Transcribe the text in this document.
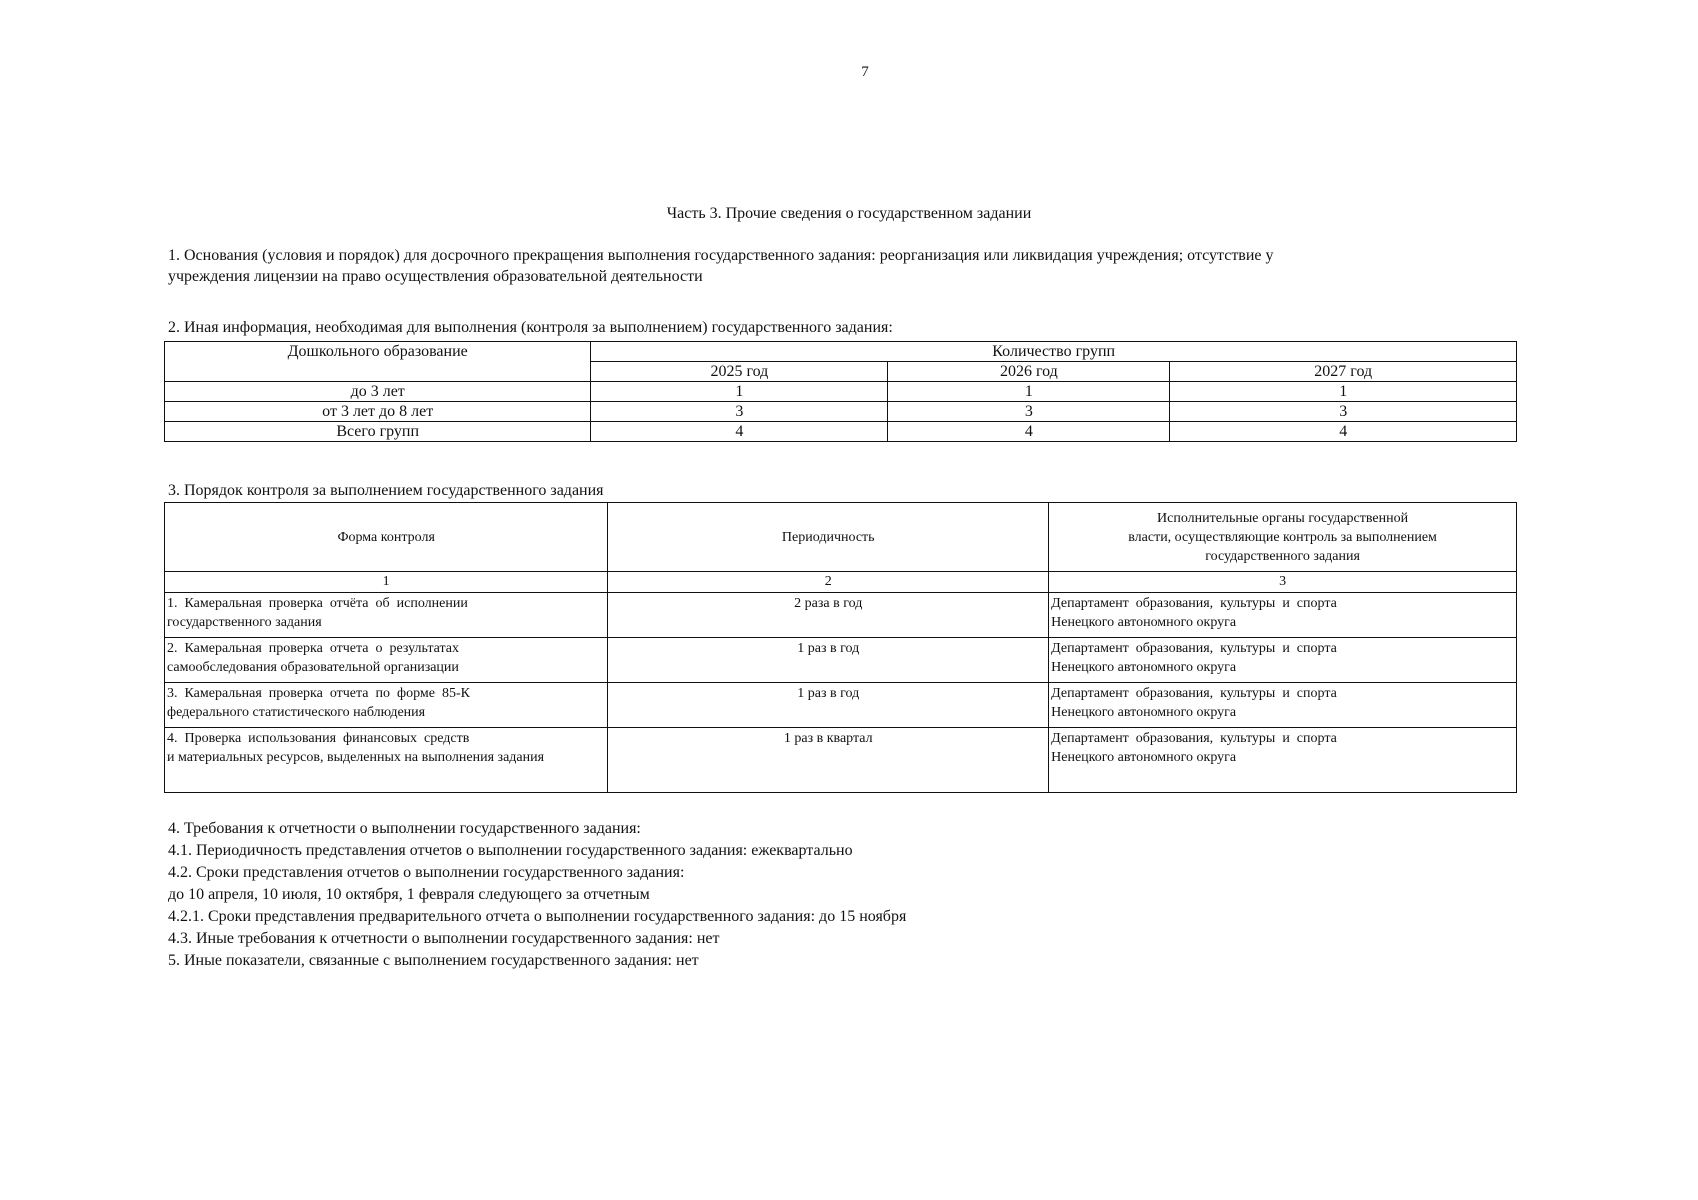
7
Часть 3. Прочие сведения о государственном задании
1. Основания (условия и порядок) для досрочного прекращения выполнения государственного задания: реорганизация или ликвидация учреждения; отсутствие у
учреждения лицензии на право осуществления образовательной деятельности
2. Иная информация, необходимая для выполнения (контроля за выполнением) государственного задания:
Дошкольного образование	Количество групп		
	2025 год	2026 год	2027 год
до 3 лет	1	1	1
от 3 лет до 8 лет	3	3	3
Всего групп	4	4	4
3. Порядок контроля за выполнением государственного задания
Форма контроля	Периодичность	Исполнительные органы государственной
власти, осуществляющие контроль за выполнением
государственного задания

1	2	3

1.  Камеральная  проверка  отчёта  об  исполнении
государственного задания	2 раза в год	Департамент  образования,  культуры  и  спорта
Ненецкого автономного округа

2.  Камеральная  проверка  отчета  о  результатах
самообследования образовательной организации	1 раз в год	Департамент  образования,  культуры  и  спорта
Ненецкого автономного округа

3.  Камеральная  проверка  отчета  по  форме  85-К
федерального статистического наблюдения	1 раз в год	Департамент  образования,  культуры  и  спорта
Ненецкого автономного округа

4.  Проверка  использования  финансовых  средств
и материальных ресурсов, выделенных на выполнения задания	1 раз в квартал	Департамент  образования,  культуры  и  спорта
Ненецкого автономного округа
4. Требования к отчетности о выполнении государственного задания:
4.1. Периодичность представления отчетов о выполнении государственного задания: ежеквартально
4.2. Сроки представления отчетов о выполнении государственного задания:
до 10 апреля, 10 июля, 10 октября, 1 февраля следующего за отчетным
4.2.1. Сроки представления предварительного отчета о выполнении государственного задания: до 15 ноября
4.3. Иные требования к отчетности о выполнении государственного задания: нет
5. Иные показатели, связанные с выполнением государственного задания: нет
